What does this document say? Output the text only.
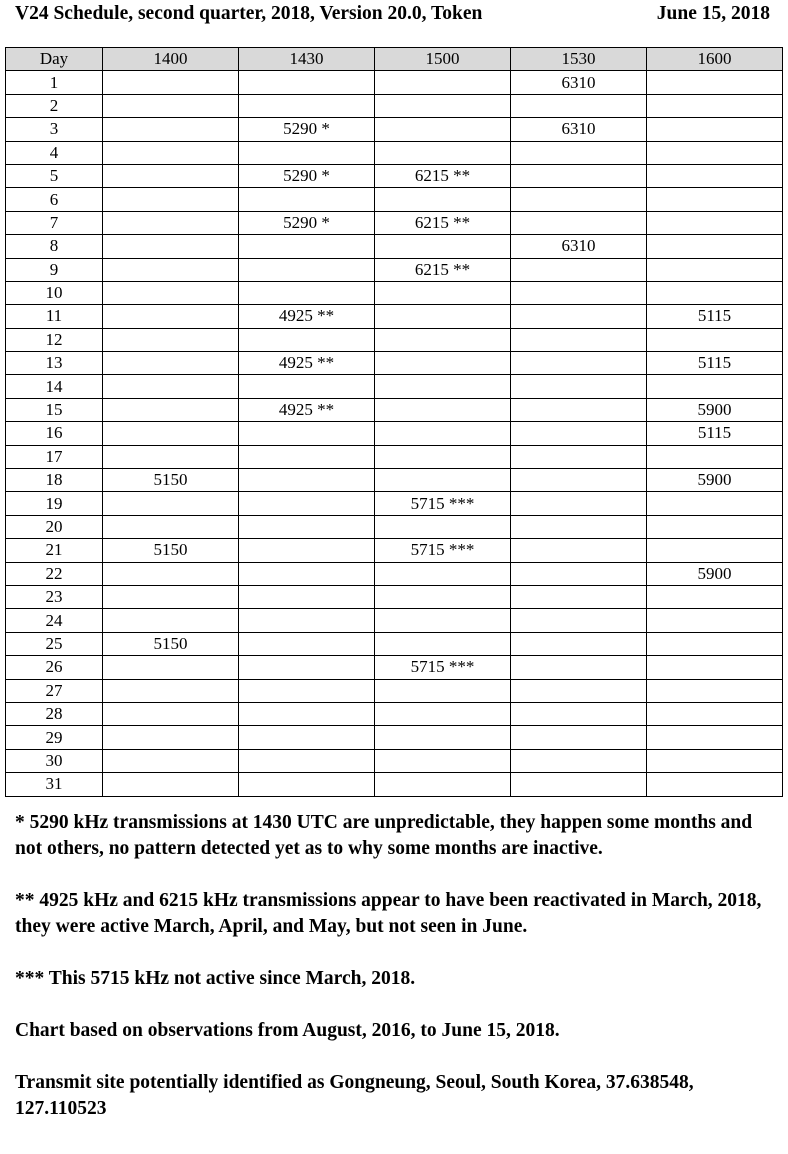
V24 Schedule, second quarter, 2018, Version 20.0, Token	June 15, 2018
Day	1400	1430	1500	1530	1600
1				6310	
2					
3		5290 *		6310	
4					
5		5290 *	6215 **		
6					
7		5290 *	6215 **		
8				6310	
9			6215 **		
10					
11		4925 **			5115
12					
13		4925 **			5115
14					
15		4925 **			5900
16					5115
17					
18	5150				5900
19			5715 ***		
20					
21	5150		5715 ***		
22					5900
23					
24					
25	5150				
26			5715 ***		
27					
28					
29					
30					
31					

* 5290 kHz transmissions at 1430 UTC are unpredictable, they happen some months and not others, no pattern detected yet as to why some months are inactive.

** 4925 kHz and 6215 kHz transmissions appear to have been reactivated in March, 2018, they were active March, April, and May, but not seen in June.

*** This 5715 kHz not active since March, 2018.

Chart based on observations from August, 2016, to June 15, 2018.

Transmit site potentially identified as Gongneung, Seoul, South Korea, 37.638548, 127.110523
